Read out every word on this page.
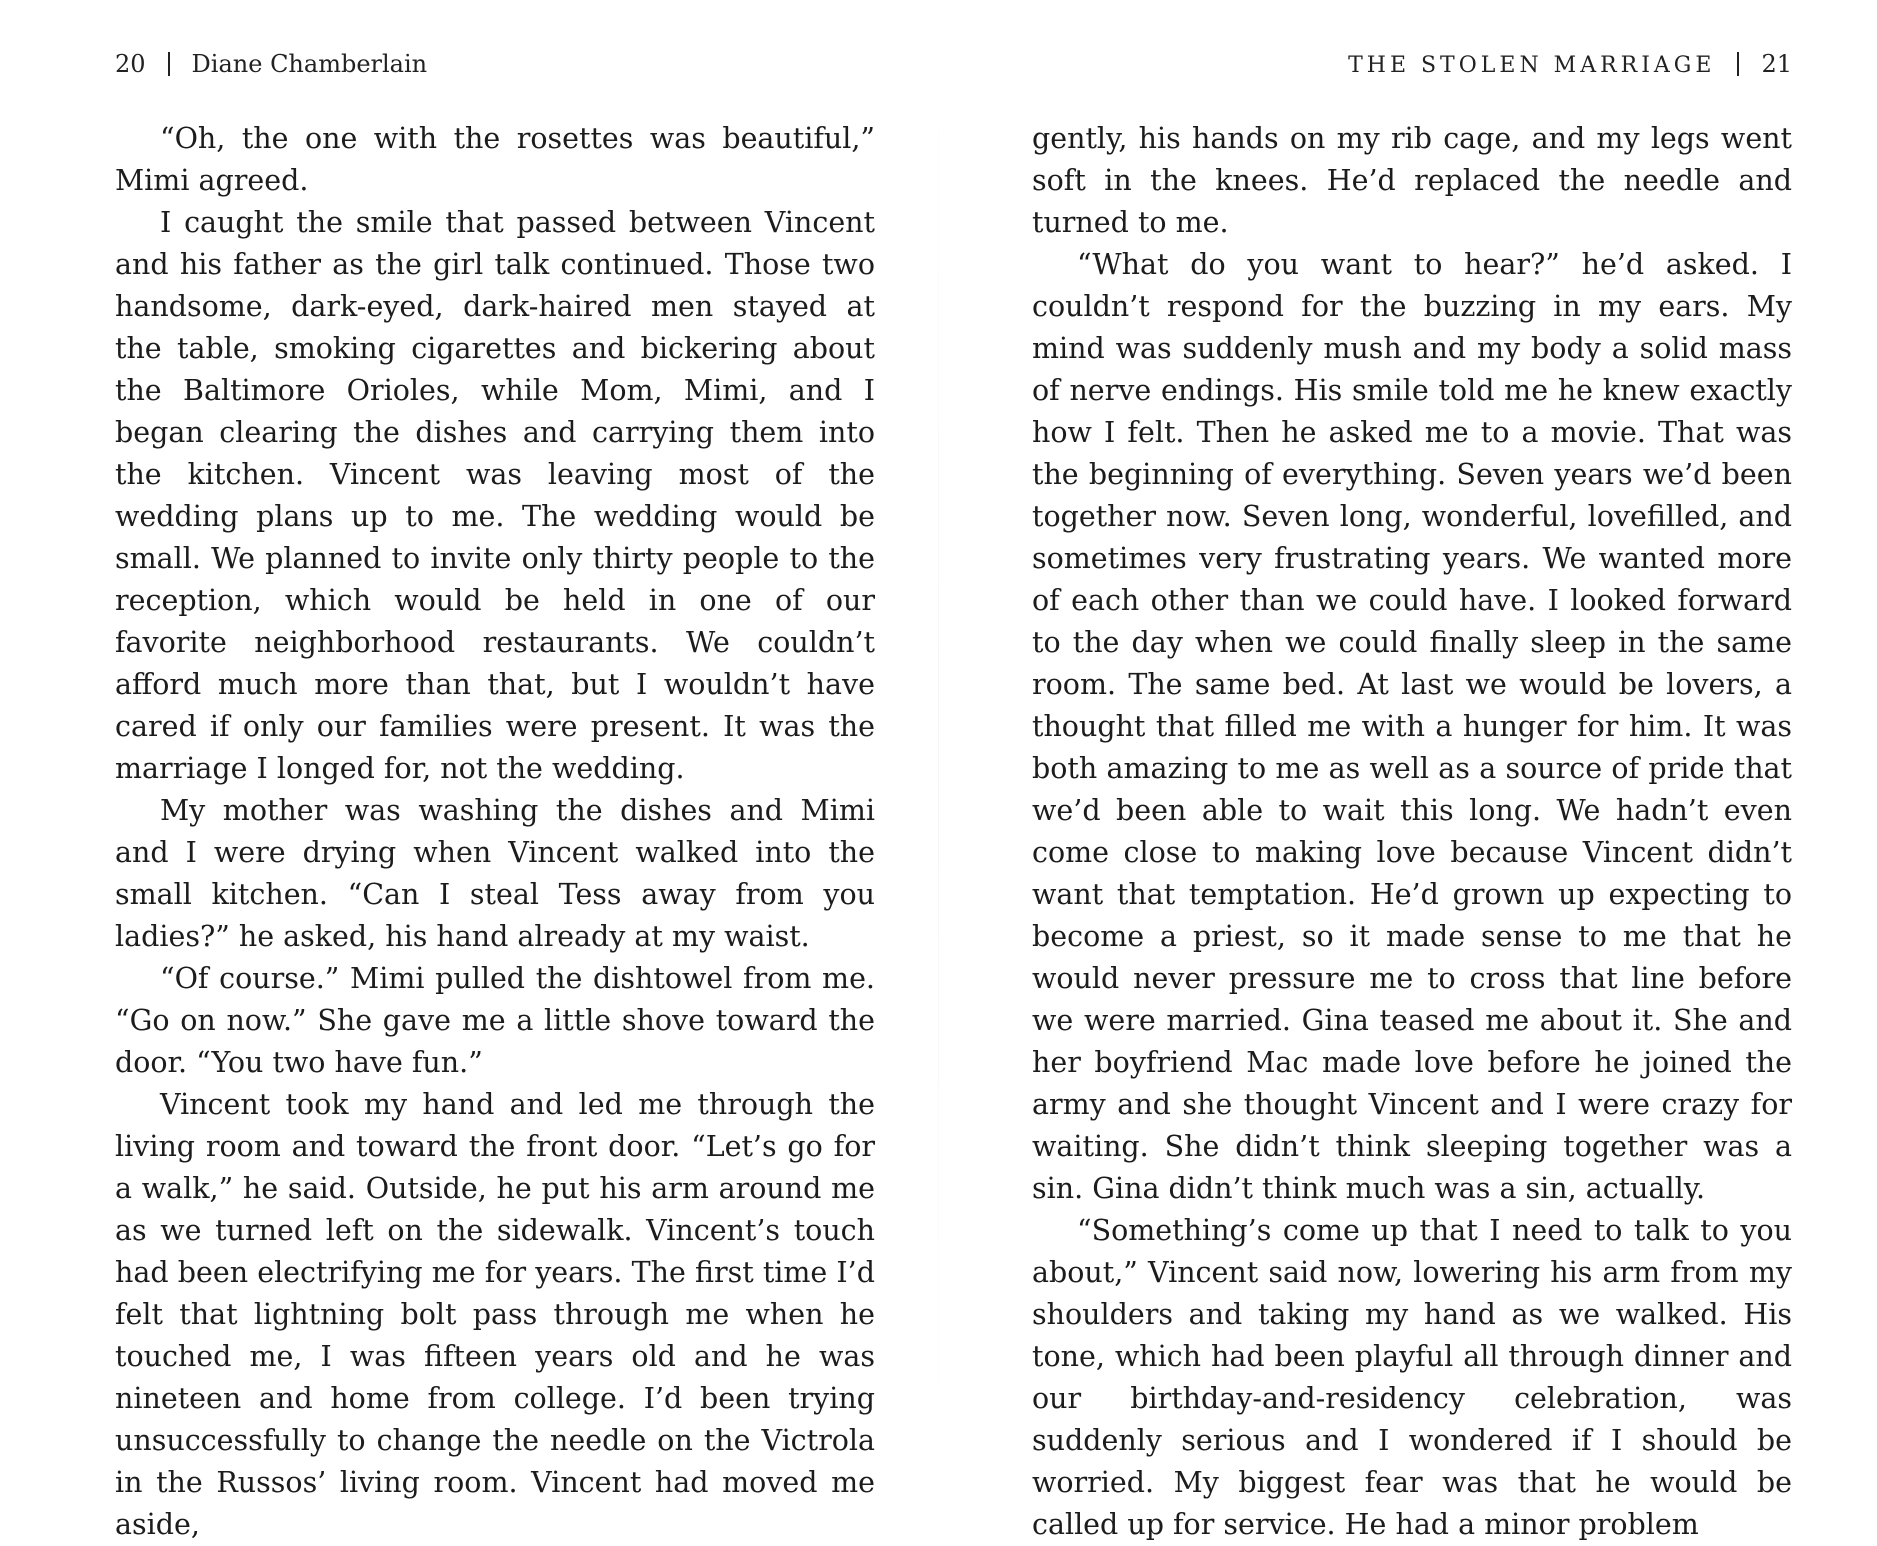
20 Diane Chamberlain

“Oh, the one with the rosettes was beautiful,” Mimi agreed.

I caught the smile that passed between Vincent and his father as the girl talk continued. Those two handsome, dark-eyed, dark-haired men stayed at the table, smoking cigarettes and bickering about the Baltimore Orioles, while Mom, Mimi, and I began clearing the dishes and carrying them into the kitchen. Vincent was leaving most of the wedding plans up to me. The wedding would be small. We planned to invite only thirty people to the reception, which would be held in one of our favorite neighborhood restaurants. We couldn’t afford much more than that, but I wouldn’t have cared if only our families were present. It was the marriage I longed for, not the wedding.

My mother was washing the dishes and Mimi and I were drying when Vincent walked into the small kitchen. “Can I steal Tess away from you ladies?” he asked, his hand already at my waist.

“Of course.” Mimi pulled the dishtowel from me. “Go on now.” She gave me a little shove toward the door. “You two have fun.”

Vincent took my hand and led me through the living room and toward the front door. “Let’s go for a walk,” he said. Outside, he put his arm around me as we turned left on the sidewalk. Vincent’s touch had been electrifying me for years. The first time I’d felt that lightning bolt pass through me when he touched me, I was fifteen years old and he was nineteen and home from college. I’d been trying unsuccessfully to change the needle on the Victrola in the Russos’ living room. Vincent had moved me aside,

THE STOLEN MARRIAGE 21

gently, his hands on my rib cage, and my legs went soft in the knees. He’d replaced the needle and turned to me.

“What do you want to hear?” he’d asked. I couldn’t respond for the buzzing in my ears. My mind was suddenly mush and my body a solid mass of nerve endings. His smile told me he knew exactly how I felt. Then he asked me to a movie. That was the beginning of everything. Seven years we’d been together now. Seven long, wonderful, lovefilled, and sometimes very frustrating years. We wanted more of each other than we could have. I looked forward to the day when we could finally sleep in the same room. The same bed. At last we would be lovers, a thought that filled me with a hunger for him. It was both amazing to me as well as a source of pride that we’d been able to wait this long. We hadn’t even come close to making love because Vincent didn’t want that temptation. He’d grown up expecting to become a priest, so it made sense to me that he would never pressure me to cross that line before we were married. Gina teased me about it. She and her boyfriend Mac made love before he joined the army and she thought Vincent and I were crazy for waiting. She didn’t think sleeping together was a sin. Gina didn’t think much was a sin, actually.

“Something’s come up that I need to talk to you about,” Vincent said now, lowering his arm from my shoulders and taking my hand as we walked. His tone, which had been playful all through dinner and our birthday-and-residency celebration, was suddenly serious and I wondered if I should be worried. My biggest fear was that he would be called up for service. He had a minor problem
